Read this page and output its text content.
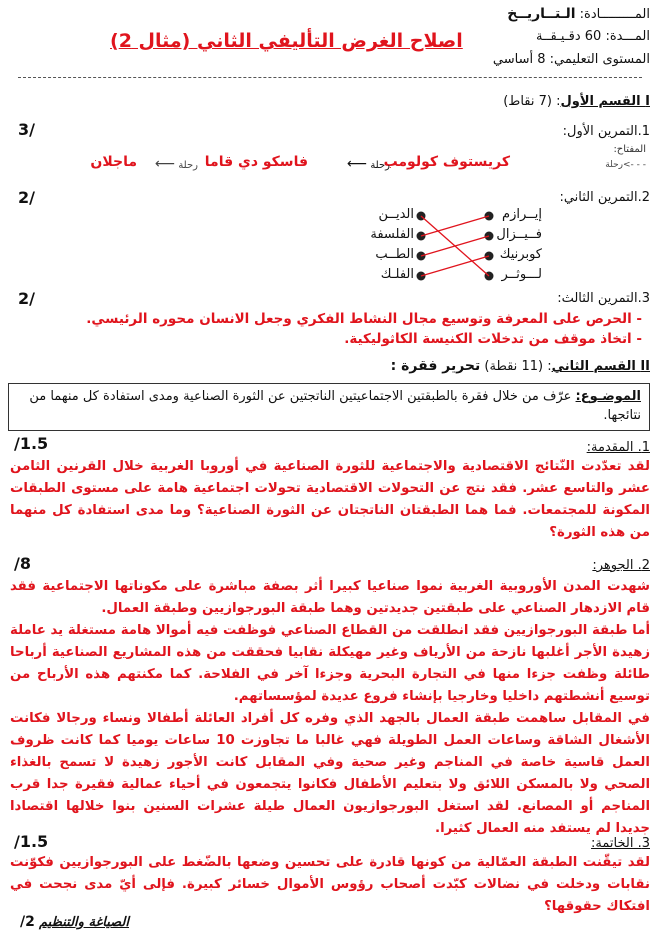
المـــــــــادة: الـتــاريــخ
المـــدة: 60 دقـيـقــة
المستوى التعليمي: 8 أساسي
اصلاح الغرض التأليفي الثاني (مثال 2)
I القسم الأول: (7 نقاط)
1.التمرين الأول:
3/
المفتاح:
- - ->رحلة
كريستوف كولومب
رحلة ⟵
فاسكو دي قاما
رحلة ⟵
ماجلان
2.التمرين الثاني:
2/
إيــرازم
فــيــزال
كوبرنيك
لـــوثــر
الديــن
الفلسفة
الطــب
الفلـك
3.التمرين الثالث:
2/
- الحرص على المعرفة وتوسيع مجال النشاط الفكري وجعل الانسان محوره الرئيسي.
- اتخاذ موقف من تدخلات الكنيسة الكاثوليكية.
II القسم الثاني: (11 نقطة) تحرير فقرة :
الموضـوع: عرّف من خلال فقرة بالطبقتين الاجتماعيتين الناتجتين عن الثورة الصناعية ومدى استفادة كل منهما من نتائجها.
1. المقدمة:
/1.5
لقد تعدّدت النّتائج الاقتصادية والاجتماعية للثورة الصناعية في أوروبا الغربية خلال القرنين الثامن عشر والتاسع عشر. فقد نتج عن التحولات الاقتصادية تحولات اجتماعية هامة على مستوى الطبقات المكونة للمجتمعات. فما هما الطبقتان الناتجتان عن الثورة الصناعية؟ وما مدى استفادة كل منهما من هذه الثورة؟
2. الجوهر:
/8
شهدت المدن الأوروبية الغربية نموا صناعيا كبيرا أثر بصفة مباشرة على مكوناتها الاجتماعية فقد قام الازدهار الصناعي على طبقتين جديدتين وهما طبقة البورجوازيين وطبقة العمال.
أما طبقة البورجوازيين فقد انطلقت من القطاع الصناعي فوظفت فيه أموالا هامة مستغلة يد عاملة زهيدة الأجر أغلبها نازحة من الأرياف وغير مهيكلة نقابيا فحققت من هذه المشاريع الصناعية أرباحا طائلة وظفت جزءا منها في التجارة البحرية وجزءا آخر في الفلاحة. كما مكنتهم هذه الأرباح من توسيع أنشطتهم داخليا وخارجيا بإنشاء فروع عديدة لمؤسساتهم.
في المقابل ساهمت طبقة العمال بالجهد الذي وفره كل أفراد العائلة أطفالا ونساء ورجالا فكانت الأشغال الشاقة وساعات العمل الطويلة فهي غالبا ما تجاوزت 10 ساعات يوميا كما كانت ظروف العمل قاسية خاصة في المناجم وغير صحية وفي المقابل كانت الأجور زهيدة لا تسمح بالغذاء الصحي ولا بالمسكن اللائق ولا بتعليم الأطفال فكانوا يتجمعون في أحياء عمالية فقيرة جدا قرب المناجم أو المصانع. لقد استغل البورجوازيون العمال طيلة عشرات السنين بنوا خلالها اقتصادا جديدا لم يستفد منه العمال كثيرا.
3. الخاتمة:
/1.5
لقد تيقّنت الطبقة العمّالية من كونها قادرة على تحسين وضعها بالضّغط على البورجوازيين فكوّنت نقابات ودخلت في نضالات كبّدت أصحاب رؤوس الأموال خسائر كبيرة. فإلى أيّ مدى نجحت في افتكاك حقوقها؟
الصياغة والتنظيم 2/
